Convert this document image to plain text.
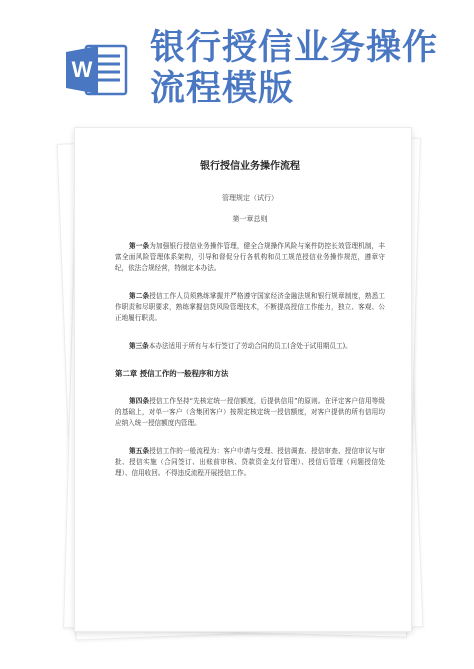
W
银行授信业务操作流程模版

银行授信业务操作流程

管理规定（试行）

第一章总则

第一条为加强银行授信业务操作管理，健全合规操作风险与案件防控长效管理机制，丰富全面风险管理体系架构，引导和督促分行各机构和员工规范授信业务操作规范，遵章守纪，依法合规经营，特制定本办法。

第二条授信工作人员须熟练掌握并严格遵守国家经济金融法规和银行规章制度，熟悉工作职责和尽职要求，熟练掌握信贷风险管理技术，不断提高授信工作能力，独立、客观、公正地履行职责。

第三条本办法适用于所有与本行签订了劳动合同的员工(含处于试用期员工)。

第二章 授信工作的一般程序和方法

第四条授信工作坚持“先核定统一授信额度，后提供信用”的原则。在评定客户信用等级的基础上，对单一客户（含集团客户）按规定核定统一授信额度，对客户提供的所有信用均应纳入统一授信额度内管理。

第五条授信工作的一般流程为：客户申请与受理、授信调查、授信审查、授信审议与审批、授信实施（合同签订、出账前审核、贷款资金支付管理）、授信后管理（问题授信处理）、信用收回。不得违反流程开展授信工作。
